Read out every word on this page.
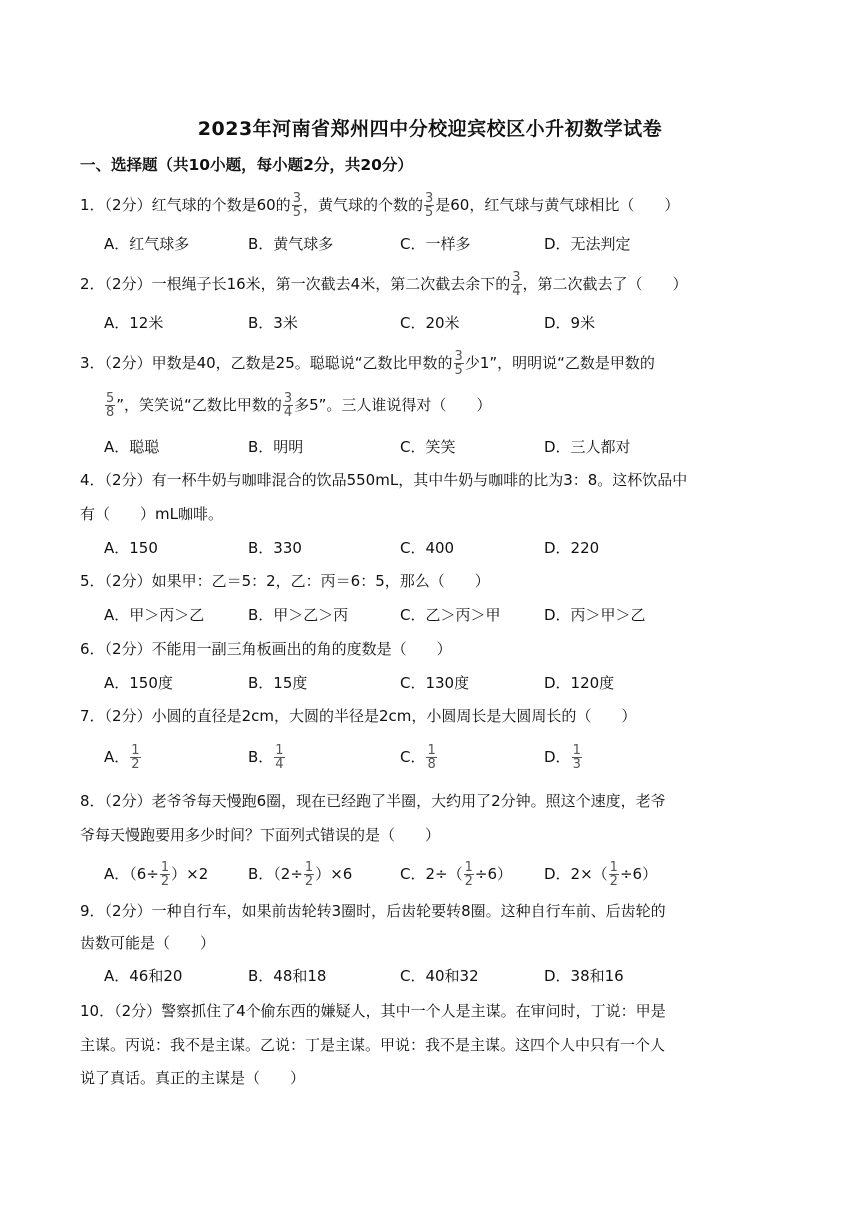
2023年河南省郑州四中分校迎宾校区小升初数学试卷
一、选择题（共10小题，每小题2分，共20分）
1．（2分）红气球的个数是60的 $\frac{3}{5}$ ，黄气球的个数的 $\frac{3}{5}$ 是60，红气球与黄气球相比（　　）
A．红气球多	B．黄气球多	C．一样多	D．无法判定
2．（2分）一根绳子长16米，第一次截去4米，第二次截去余下的 $\frac{3}{4}$ ，第二次截去了（　　）
A．12米	B．3米	C．20米	D．9米
3．（2分）甲数是40，乙数是25。聪聪说“乙数比甲数的 $\frac{3}{5}$ 少1”，明明说“乙数是甲数的
$\frac{5}{8}$ ”，笑笑说“乙数比甲数的 $\frac{3}{4}$ 多5”。三人谁说得对（　　）
A．聪聪	B．明明	C．笑笑	D．三人都对
4．（2分）有一杯牛奶与咖啡混合的饮品550mL，其中牛奶与咖啡的比为3：8。这杯饮品中
有（　　）mL咖啡。
A．150	B．330	C．400	D．220
5．（2分）如果甲：乙＝5：2，乙：丙＝6：5，那么（　　）
A．甲＞丙＞乙	B．甲＞乙＞丙	C．乙＞丙＞甲	D．丙＞甲＞乙
6．（2分）不能用一副三角板画出的角的度数是（　　）
A．150度	B．15度	C．130度	D．120度
7．（2分）小圆的直径是2cm，大圆的半径是2cm，小圆周长是大圆周长的（　　）
A． $\frac{1}{2}$	B． $\frac{1}{4}$	C． $\frac{1}{8}$	D． $\frac{1}{3}$
8．（2分）老爷爷每天慢跑6圈，现在已经跑了半圈，大约用了2分钟。照这个速度，老爷
爷每天慢跑要用多少时间？下面列式错误的是（　　）
A．$(6\div \frac{1}{2} )\times 2$	B．$(2\div \frac{1}{2} )\times 6$	C．$2\div( \frac{1}{2} \div 6)$ D．$2\times( \frac{1}{2} \div 6)$
9．（2分）一种自行车，如果前齿轮转3圈时，后齿轮要转8圈。这种自行车前、后齿轮的
齿数可能是（　　）
A．46和20	B．48和18	C．40和32	D．38和16
10．（2分）警察抓住了4个偷东西的嫌疑人，其中一个人是主谋。在审问时，丁说：甲是
主谋。丙说：我不是主谋。乙说：丁是主谋。甲说：我不是主谋。这四个人中只有一个人
说了真话。真正的主谋是（　　）
